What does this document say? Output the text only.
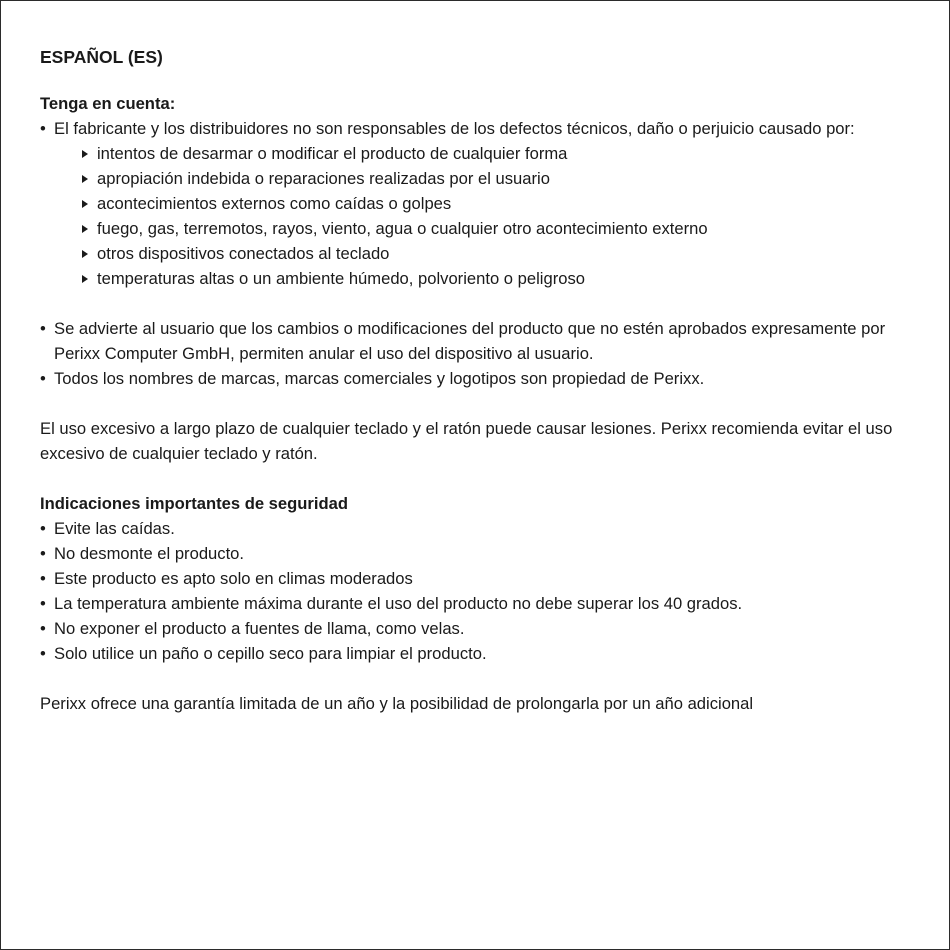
ESPAÑOL (ES)
Tenga en cuenta:
• El fabricante y los distribuidores no son responsables de los defectos técnicos, daño o perjuicio causado por:
intentos de desarmar o modificar el producto de cualquier forma
apropiación indebida o reparaciones realizadas por el usuario
acontecimientos externos como caídas o golpes
fuego, gas, terremotos, rayos, viento, agua o cualquier otro acontecimiento externo
otros dispositivos conectados al teclado
temperaturas altas o un ambiente húmedo, polvoriento o peligroso
• Se advierte al usuario que los cambios o modificaciones del producto que no estén aprobados expresamente por Perixx Computer GmbH, permiten anular el uso del dispositivo al usuario.
• Todos los nombres de marcas, marcas comerciales y logotipos son propiedad de Perixx.

El uso excesivo a largo plazo de cualquier teclado y el ratón puede causar lesiones. Perixx recomienda evitar el uso excesivo de cualquier teclado y ratón.

Indicaciones importantes de seguridad
• Evite las caídas.
• No desmonte el producto.
• Este producto es apto solo en climas moderados
• La temperatura ambiente máxima durante el uso del producto no debe superar los 40 grados.
• No exponer el producto a fuentes de llama, como velas.
• Solo utilice un paño o cepillo seco para limpiar el producto.

Perixx ofrece una garantía limitada de un año y la posibilidad de prolongarla por un año adicional
